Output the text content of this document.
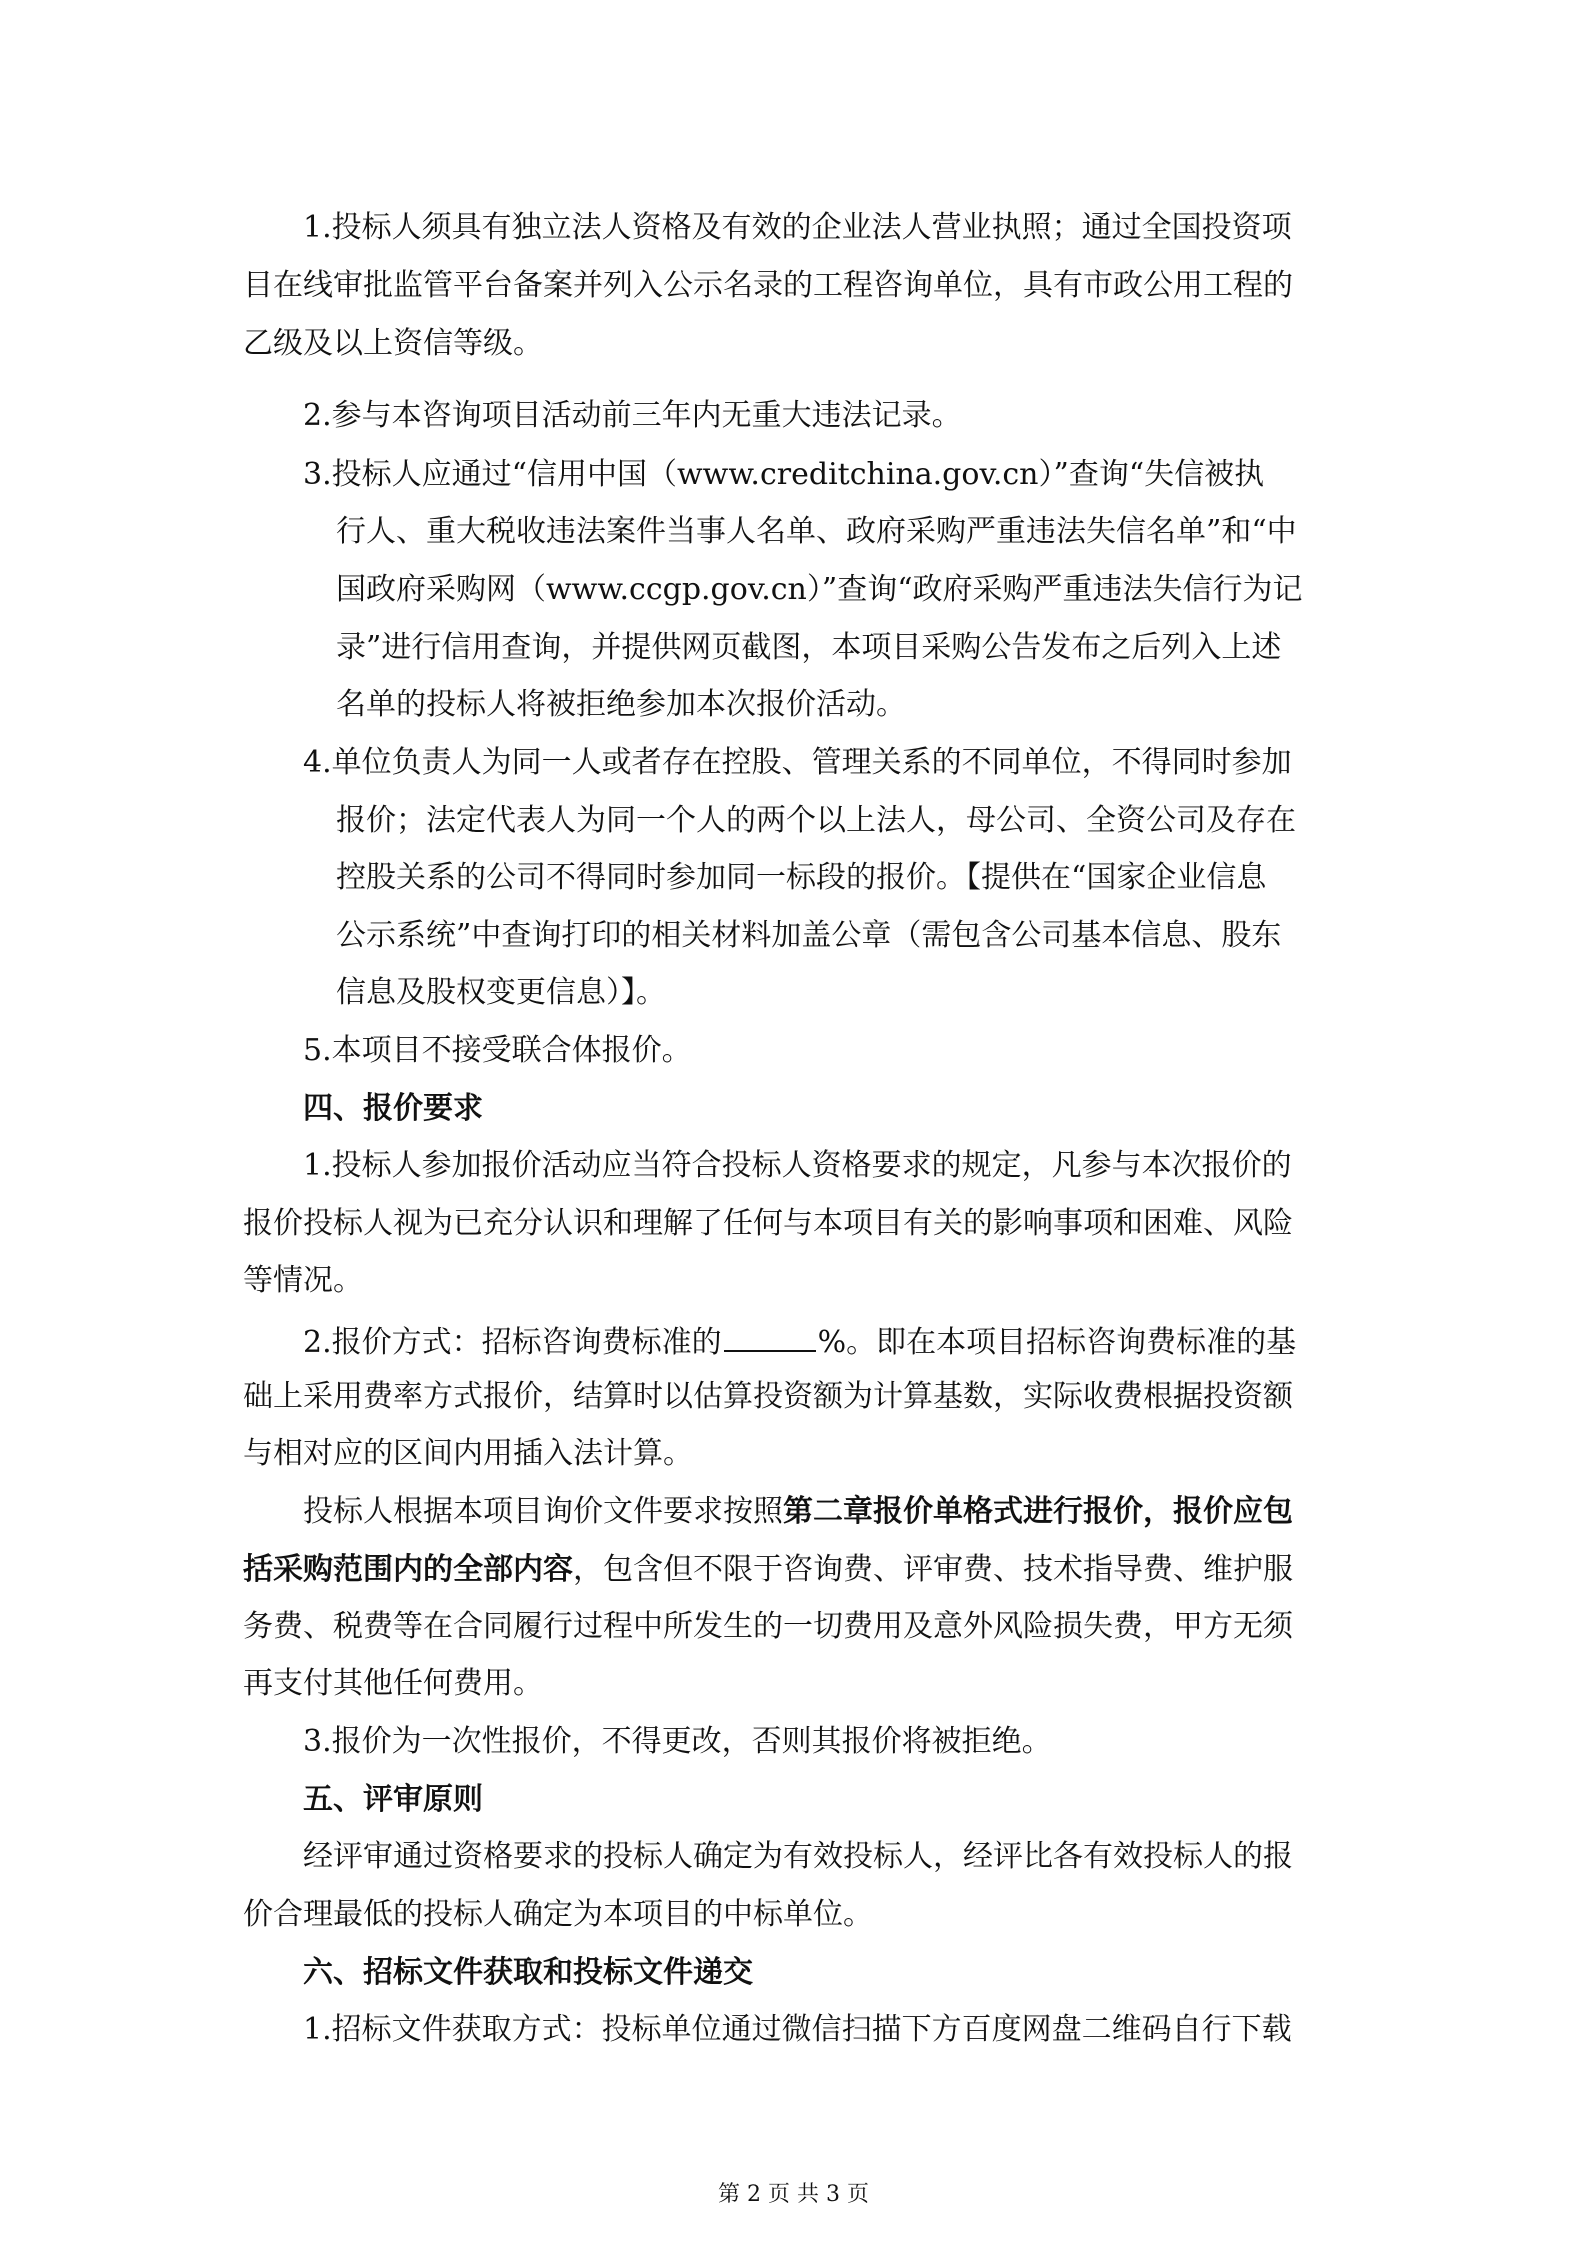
1.投标人须具有独立法人资格及有效的企业法人营业执照；通过全国投资项
目在线审批监管平台备案并列入公示名录的工程咨询单位，具有市政公用工程的
乙级及以上资信等级。
2.参与本咨询项目活动前三年内无重大违法记录。
3.投标人应通过“信用中国（www.creditchina.gov.cn）”查询“失信被执
行人、重大税收违法案件当事人名单、政府采购严重违法失信名单”和“中
国政府采购网（www.ccgp.gov.cn）”查询“政府采购严重违法失信行为记
录”进行信用查询，并提供网页截图，本项目采购公告发布之后列入上述
名单的投标人将被拒绝参加本次报价活动。
4.单位负责人为同一人或者存在控股、管理关系的不同单位，不得同时参加
报价；法定代表人为同一个人的两个以上法人，母公司、全资公司及存在
控股关系的公司不得同时参加同一标段的报价。【提供在“国家企业信息
公示系统”中查询打印的相关材料加盖公章（需包含公司基本信息、股东
信息及股权变更信息）】。
5.本项目不接受联合体报价。
四、报价要求
1.投标人参加报价活动应当符合投标人资格要求的规定，凡参与本次报价的
报价投标人视为已充分认识和理解了任何与本项目有关的影响事项和困难、风险
等情况。
2.报价方式：招标咨询费标准的	%。即在本项目招标咨询费标准的基
础上采用费率方式报价，结算时以估算投资额为计算基数，实际收费根据投资额
与相对应的区间内用插入法计算。
投标人根据本项目询价文件要求按照第二章报价单格式进行报价，报价应包
括采购范围内的全部内容，包含但不限于咨询费、评审费、技术指导费、维护服
务费、税费等在合同履行过程中所发生的一切费用及意外风险损失费，甲方无须
再支付其他任何费用。
3.报价为一次性报价，不得更改，否则其报价将被拒绝。
五、评审原则
经评审通过资格要求的投标人确定为有效投标人，经评比各有效投标人的报
价合理最低的投标人确定为本项目的中标单位。
六、招标文件获取和投标文件递交
1.招标文件获取方式：投标单位通过微信扫描下方百度网盘二维码自行下载
第 2 页 共 3 页
